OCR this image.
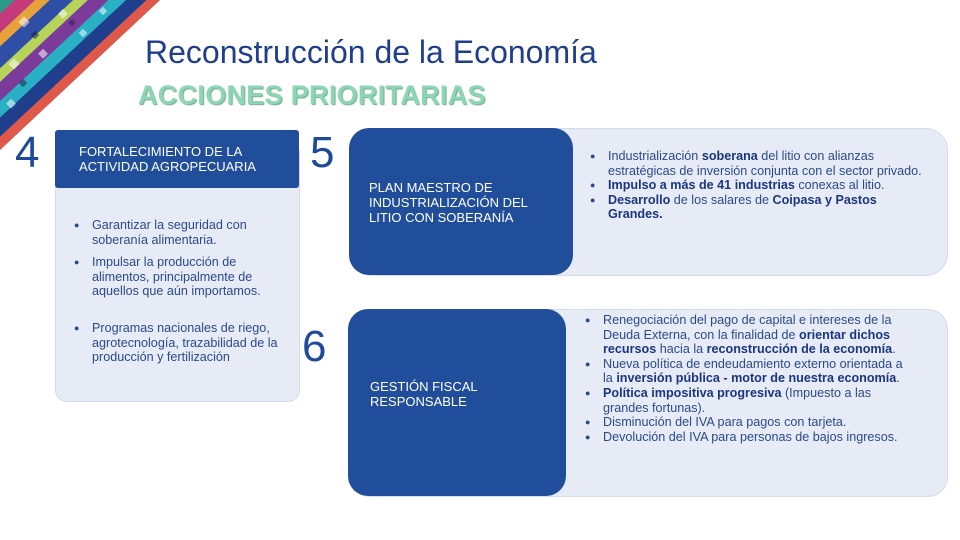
Reconstrucción de la Economía
ACCIONES PRIORITARIAS
4	FORTALECIMIENTO DE LA ACTIVIDAD AGROPECUARIA
● Garantizar la seguridad con soberanía alimentaria.
● Impulsar la producción de alimentos, principalmente de aquellos que aún importamos.
● Programas nacionales de riego, agrotecnología, trazabilidad de la producción y fertilización
5
PLAN MAESTRO DE INDUSTRIALIZACIÓN DEL LITIO CON SOBERANÍA
● Industrialización soberana del litio con alianzas estratégicas de inversión conjunta con el sector privado.
● Impulso a más de 41 industrias conexas al litio.
● Desarrollo de los salares de Coipasa y Pastos Grandes.
6
GESTIÓN FISCAL RESPONSABLE
● Renegociación del pago de capital e intereses de la Deuda Externa, con la finalidad de orientar dichos recursos hacia la reconstrucción de la economía.
● Nueva política de endeudamiento externo orientada a la inversión pública - motor de nuestra economía.
● Política impositiva progresiva (Impuesto a las grandes fortunas).
● Disminución del IVA para pagos con tarjeta.
● Devolución del IVA para personas de bajos ingresos.
